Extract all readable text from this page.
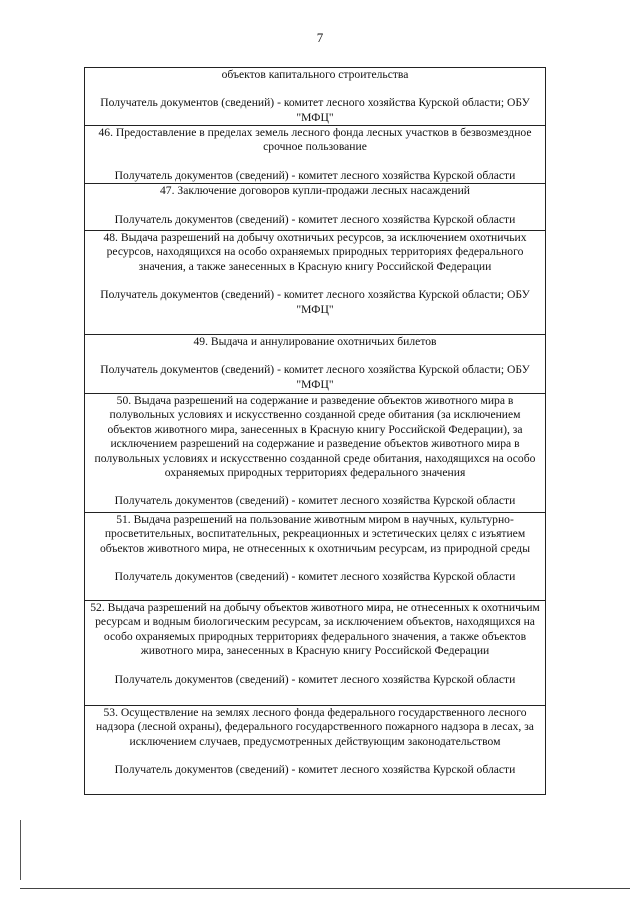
7
объектов капитального строительства
Получатель документов (сведений) - комитет лесного хозяйства Курской области; ОБУ "МФЦ"
46. Предоставление в пределах земель лесного фонда лесных участков в безвозмездное срочное пользование
Получатель документов (сведений) - комитет лесного хозяйства Курской области
47. Заключение договоров купли-продажи лесных насаждений
Получатель документов (сведений) - комитет лесного хозяйства Курской области
48. Выдача разрешений на добычу охотничьих ресурсов, за исключением охотничьих ресурсов, находящихся на особо охраняемых природных территориях федерального значения, а также занесенных в Красную книгу Российской Федерации
Получатель документов (сведений) - комитет лесного хозяйства Курской области; ОБУ "МФЦ"
49. Выдача и аннулирование охотничьих билетов
Получатель документов (сведений) - комитет лесного хозяйства Курской области; ОБУ "МФЦ"
50. Выдача разрешений на содержание и разведение объектов животного мира в полувольных условиях и искусственно созданной среде обитания (за исключением объектов животного мира, занесенных в Красную книгу Российской Федерации), за исключением разрешений на содержание и разведение объектов животного мира в полувольных условиях и искусственно созданной среде обитания, находящихся на особо охраняемых природных территориях федерального значения
Получатель документов (сведений) - комитет лесного хозяйства Курской области
51. Выдача разрешений на пользование животным миром в научных, культурно-просветительных, воспитательных, рекреационных и эстетических целях с изъятием объектов животного мира, не отнесенных к охотничьим ресурсам, из природной среды
Получатель документов (сведений) - комитет лесного хозяйства Курской области
52. Выдача разрешений на добычу объектов животного мира, не отнесенных к охотничьим ресурсам и водным биологическим ресурсам, за исключением объектов, находящихся на особо охраняемых природных территориях федерального значения, а также объектов животного мира, занесенных в Красную книгу Российской Федерации
Получатель документов (сведений) - комитет лесного хозяйства Курской области
53. Осуществление на землях лесного фонда федерального государственного лесного надзора (лесной охраны), федерального государственного пожарного надзора в лесах, за исключением случаев, предусмотренных действующим законодательством
Получатель документов (сведений) - комитет лесного хозяйства Курской области
